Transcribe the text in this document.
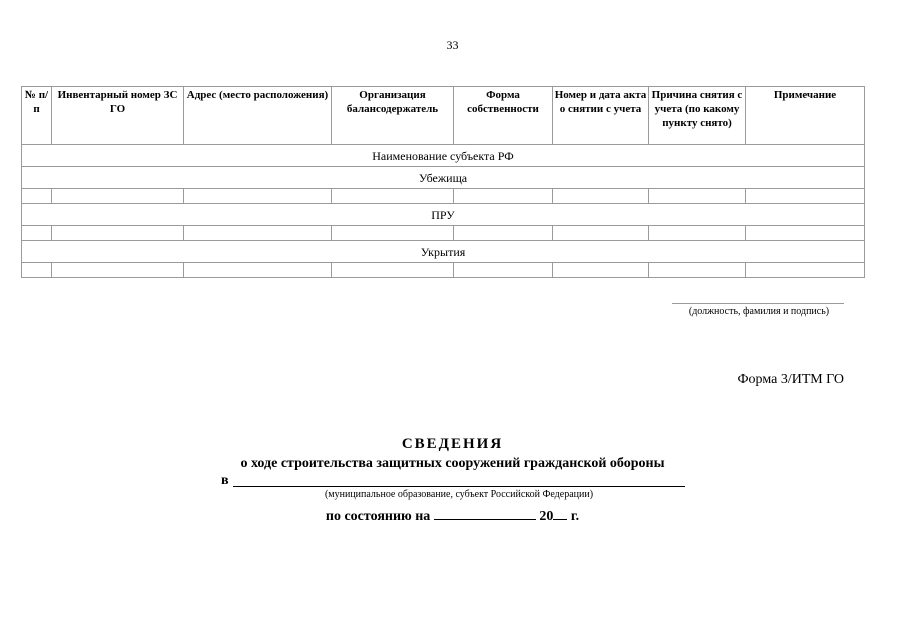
33
№ п/п	Инвентарный номер ЗС ГО	Адрес (место расположения)	Организация балансодержатель	Форма собственности	Номер и дата акта о снятии с учета	Причина снятия с учета (по какому пункту снято)	Примечание
Наименование субъекта РФ							
Убежища							

ПРУ							

Укрытия							

(должность, фамилия и подпись)
Форма 3/ИТМ ГО
СВЕДЕНИЯ
о ходе строительства защитных сооружений гражданской обороны
в
(муниципальное образование, субъект Российской Федерации)
по состоянию на	20 г.
